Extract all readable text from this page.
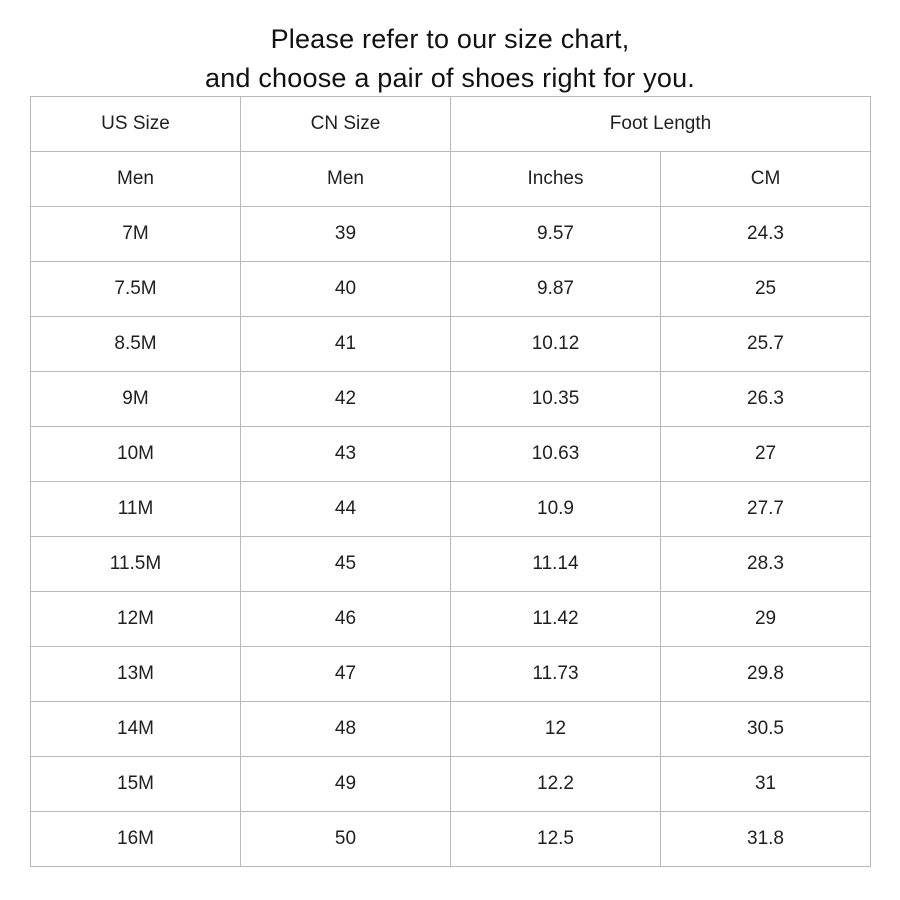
Please refer to our size chart,
and choose a pair of shoes right for you.
US Size	CN Size	Foot Length	
Men	Men	Inches	CM
7M	39	9.57	24.3
7.5M	40	9.87	25
8.5M	41	10.12	25.7
9M	42	10.35	26.3
10M	43	10.63	27
11M	44	10.9	27.7
11.5M	45	11.14	28.3
12M	46	11.42	29
13M	47	11.73	29.8
14M	48	12	30.5
15M	49	12.2	31
16M	50	12.5	31.8
